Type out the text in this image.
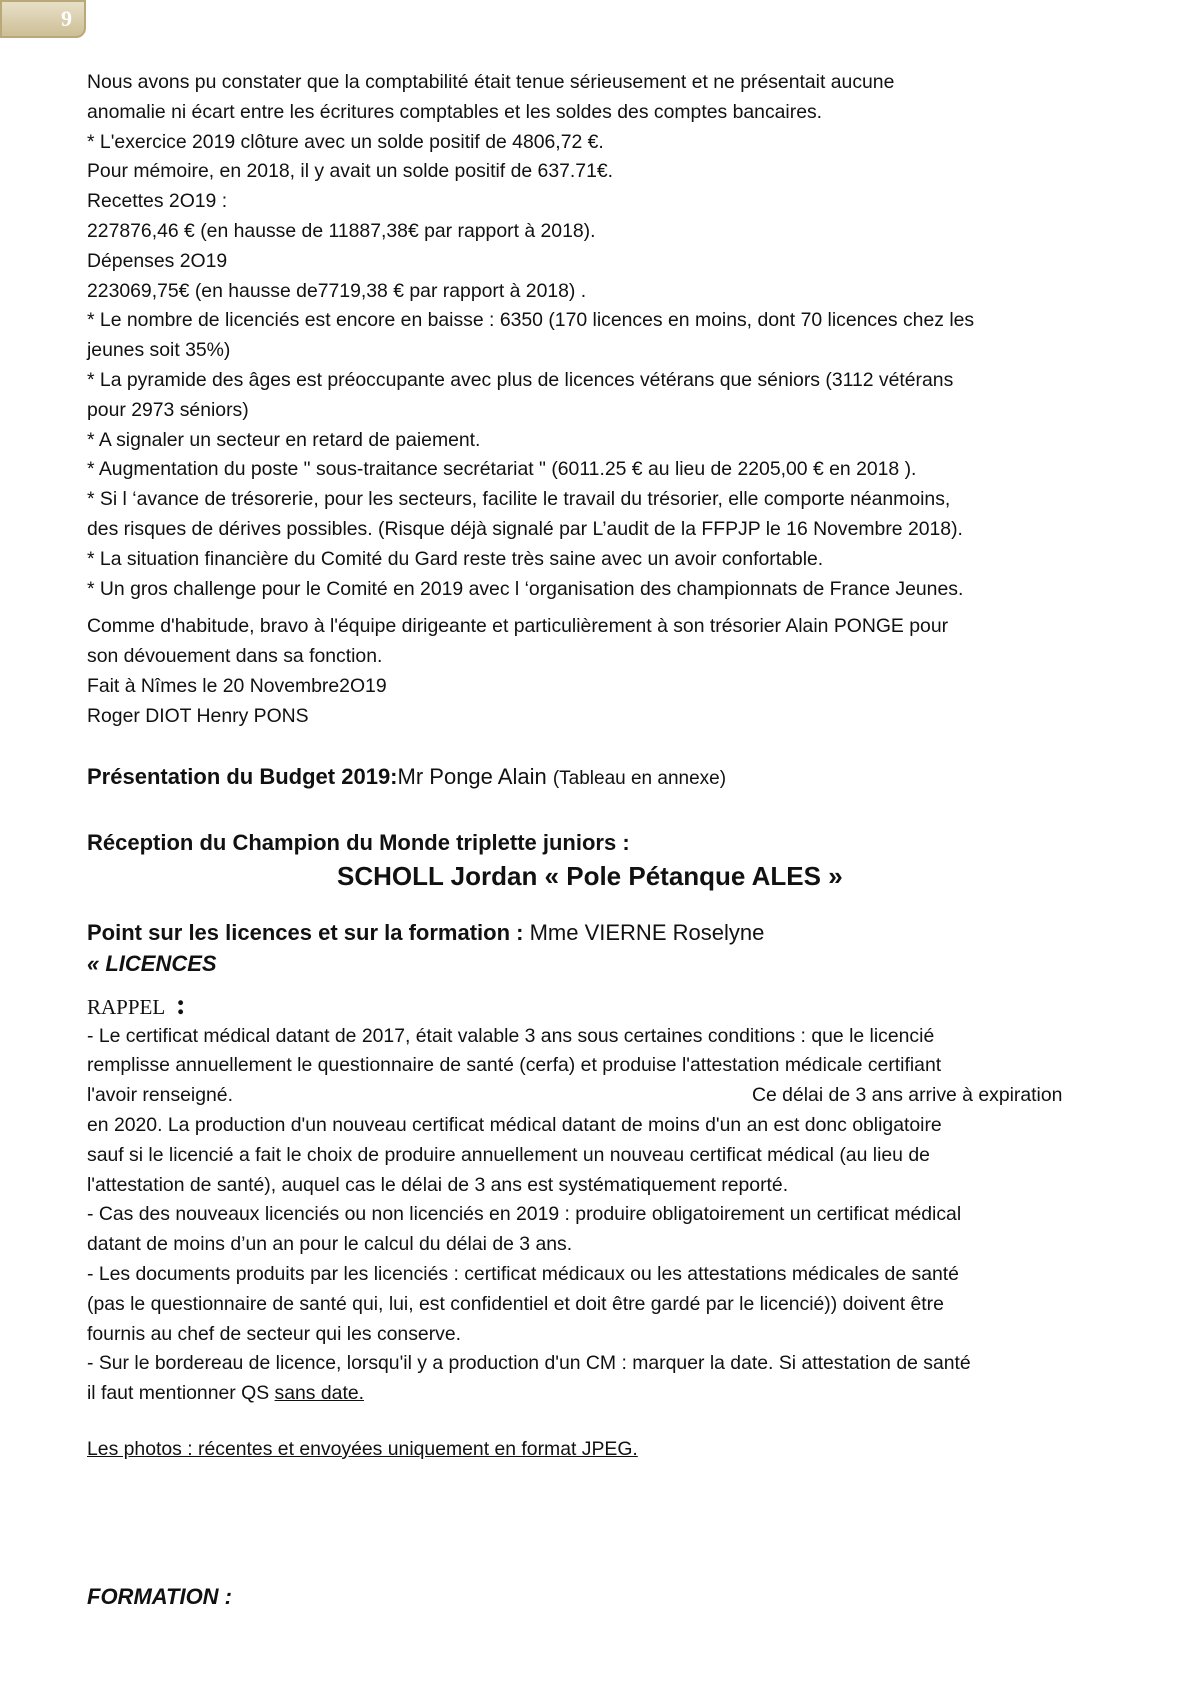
9
Nous avons pu constater que la comptabilité était tenue sérieusement et ne présentait aucune
anomalie ni écart entre les écritures comptables et les soldes des comptes bancaires.
* L'exercice 2019 clôture avec un solde positif de 4806,72 €.
Pour mémoire, en 2018, il y avait un solde positif de 637.71€.
Recettes 2O19 :
227876,46 € (en hausse de 11887,38€ par rapport à 2018).
Dépenses 2O19
223069,75€ (en hausse de7719,38 € par rapport à 2018) .
* Le nombre de licenciés est encore en baisse : 6350 (170 licences en moins, dont 70 licences chez les
jeunes soit 35%)
* La pyramide des âges est préoccupante avec plus de licences vétérans que séniors (3112 vétérans
pour 2973 séniors)
* A signaler un secteur en retard de paiement.
* Augmentation du poste " sous-traitance secrétariat " (6011.25 € au lieu de 2205,00 € en 2018 ).
* Si l ‘avance de trésorerie, pour les secteurs, facilite le travail du trésorier, elle comporte néanmoins,
des risques de dérives possibles. (Risque déjà signalé par L’audit de la FFPJP le 16 Novembre 2018).
* La situation financière du Comité du Gard reste très saine avec un avoir confortable.
* Un gros challenge pour le Comité en 2019 avec l ‘organisation des championnats de France Jeunes.
Comme d'habitude, bravo à l'équipe dirigeante et particulièrement à son trésorier Alain PONGE pour
son dévouement dans sa fonction.
Fait à Nîmes le 20 Novembre2O19
Roger DIOT Henry PONS
Présentation du Budget 2019:Mr Ponge Alain (Tableau en annexe)
Réception du Champion du Monde triplette juniors :
SCHOLL Jordan « Pole Pétanque ALES »
Point sur les licences et sur la formation : Mme VIERNE Roselyne
« LICENCES
RAPPEL :
- Le certificat médical datant de 2017, était valable 3 ans sous certaines conditions : que le licencié
remplisse annuellement le questionnaire de santé (cerfa) et produise l'attestation médicale certifiant
l'avoir renseigné.	Ce délai de 3 ans arrive à expiration
en 2020. La production d'un nouveau certificat médical datant de moins d'un an est donc obligatoire
sauf si le licencié a fait le choix de produire annuellement un nouveau certificat médical (au lieu de
l'attestation de santé), auquel cas le délai de 3 ans est systématiquement reporté.
- Cas des nouveaux licenciés ou non licenciés en 2019 : produire obligatoirement un certificat médical
datant de moins d’un an pour le calcul du délai de 3 ans.
- Les documents produits par les licenciés : certificat médicaux ou les attestations médicales de santé
(pas le questionnaire de santé qui, lui, est confidentiel et doit être gardé par le licencié)) doivent être
fournis au chef de secteur qui les conserve.
- Sur le bordereau de licence, lorsqu'il y a production d'un CM : marquer la date. Si attestation de santé
il faut mentionner QS sans date.
Les photos : récentes et envoyées uniquement en format JPEG.
FORMATION :
